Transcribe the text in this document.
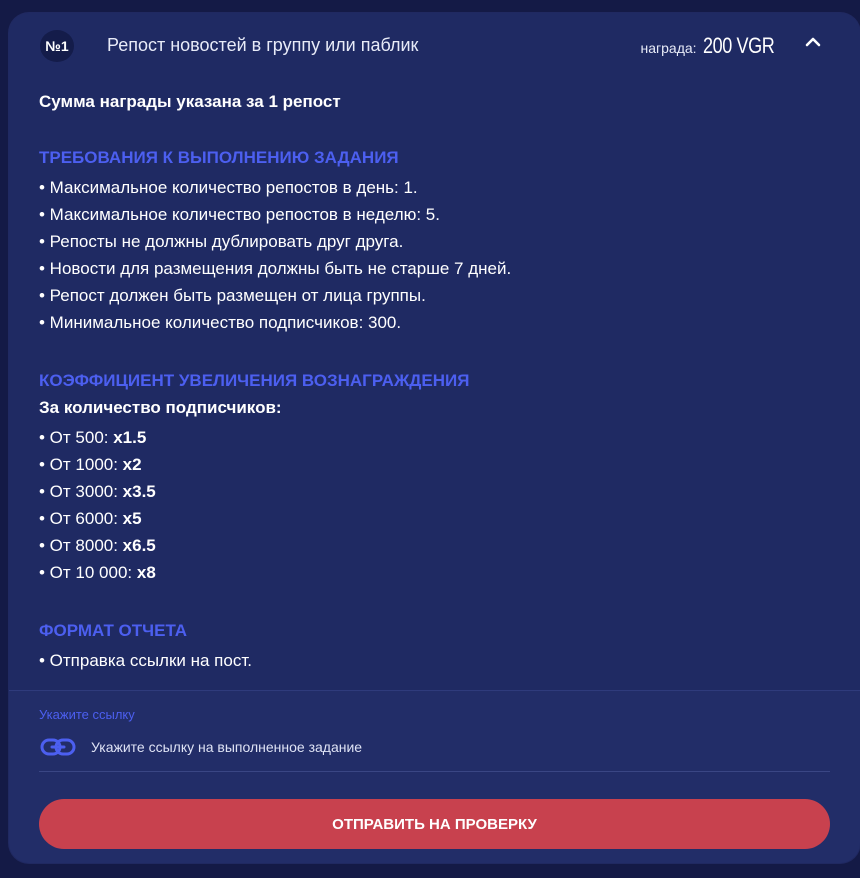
№1 Репост новостей в группу или паблик	награда: 200 VGR

Сумма награды указана за 1 репост

ТРЕБОВАНИЯ К ВЫПОЛНЕНИЮ ЗАДАНИЯ

• Максимальное количество репостов в день: 1.

• Максимальное количество репостов в неделю: 5.

• Репосты не должны дублировать друг друга.

• Новости для размещения должны быть не старше 7 дней.

• Репост должен быть размещен от лица группы.

• Минимальное количество подписчиков: 300.

КОЭФФИЦИЕНТ УВЕЛИЧЕНИЯ ВОЗНАГРАЖДЕНИЯ

За количество подписчиков:

• От 500: x1.5

• От 1000: x2

• От 3000: x3.5

• От 6000: x5

• От 8000: x6.5

• От 10 000: x8

ФОРМАТ ОТЧЕТА

• Отправка ссылки на пост.

Укажите ссылку
Укажите ссылку на выполненное задание
ОТПРАВИТЬ НА ПРОВЕРКУ
